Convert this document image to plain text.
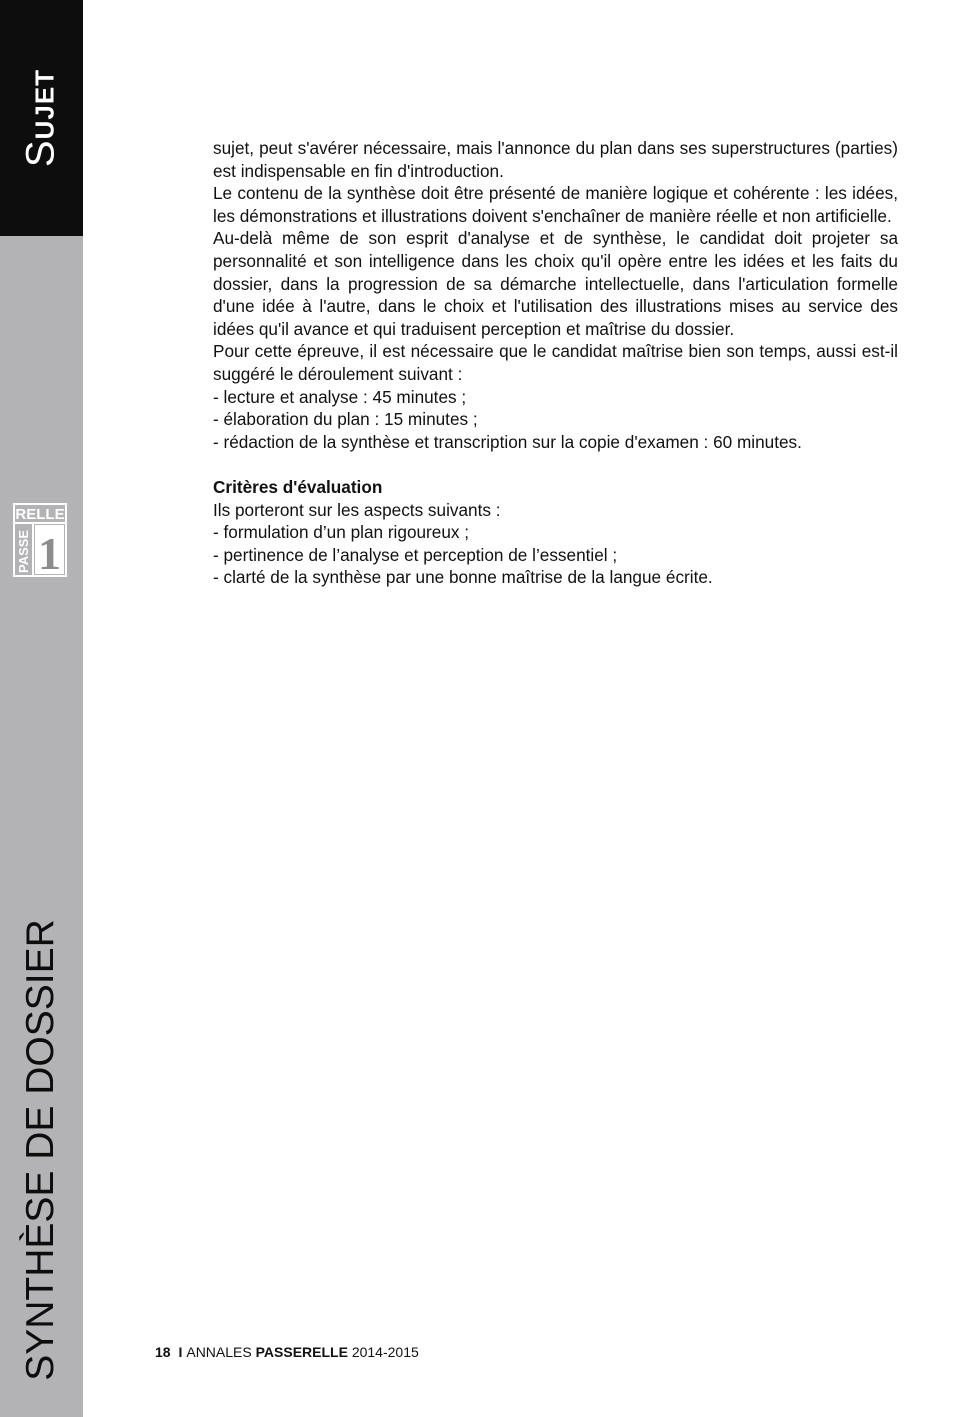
SUJET
RELLE
PASSE 1
SYNTHÈSE DE DOSSIER

sujet, peut s'avérer nécessaire, mais l'annonce du plan dans ses superstructures (parties) est indispensable en fin d'introduction.

Le contenu de la synthèse doit être présenté de manière logique et cohérente : les idées, les démonstrations et illustrations doivent s'enchaîner de manière réelle et non artificielle.

Au-delà même de son esprit d'analyse et de synthèse, le candidat doit projeter sa personnalité et son intelligence dans les choix qu'il opère entre les idées et les faits du dossier, dans la progression de sa démarche intellectuelle, dans l'articulation formelle d'une idée à l'autre, dans le choix et l'utilisation des illustrations mises au service des idées qu'il avance et qui traduisent perception et maîtrise du dossier.

Pour cette épreuve, il est nécessaire que le candidat maîtrise bien son temps, aussi est-il suggéré le déroulement suivant :

- lecture et analyse : 45 minutes ;

- élaboration du plan : 15 minutes ;

- rédaction de la synthèse et transcription sur la copie d'examen : 60 minutes.

Critères d'évaluation

Ils porteront sur les aspects suivants :

- formulation d’un plan rigoureux ;

- pertinence de l’analyse et perception de l’essentiel ;

- clarté de la synthèse par une bonne maîtrise de la langue écrite.

18 I ANNALES PASSERELLE 2014-2015
